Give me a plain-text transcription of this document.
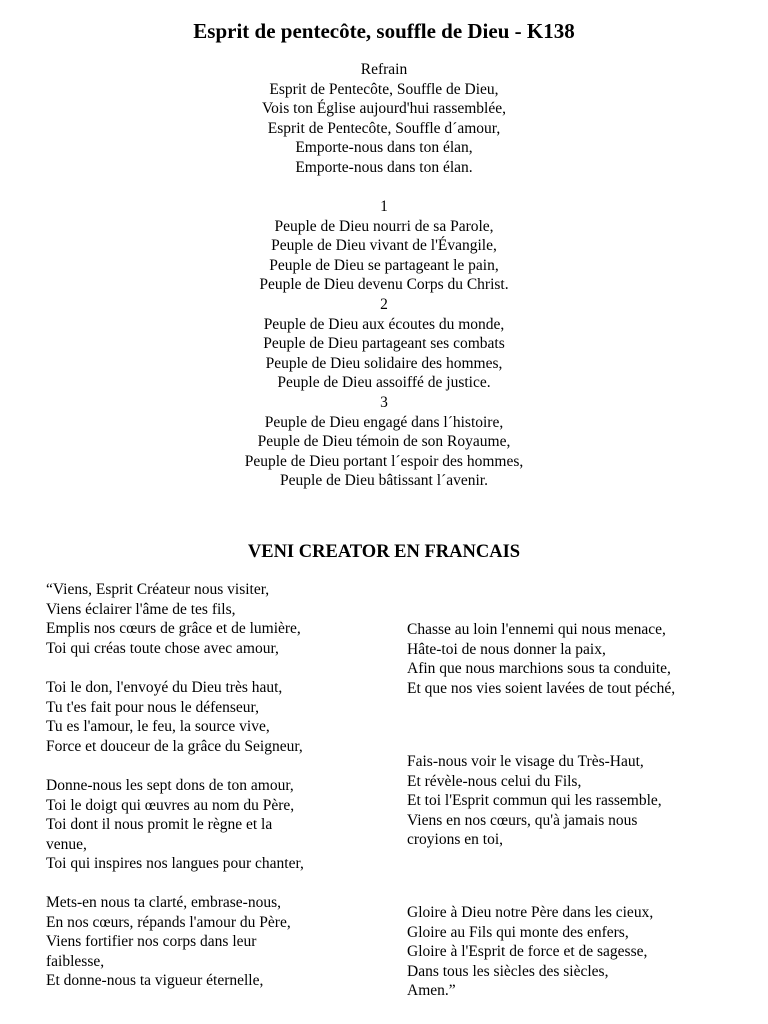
Esprit de pentecôte, souffle de Dieu - K138
Refrain
Esprit de Pentecôte, Souffle de Dieu,
Vois ton Église aujourd'hui rassemblée,
Esprit de Pentecôte, Souffle d´amour,
Emporte-nous dans ton élan,
Emporte-nous dans ton élan.
1
Peuple de Dieu nourri de sa Parole,
Peuple de Dieu vivant de l'Évangile,
Peuple de Dieu se partageant le pain,
Peuple de Dieu devenu Corps du Christ.
2
Peuple de Dieu aux écoutes du monde,
Peuple de Dieu partageant ses combats
Peuple de Dieu solidaire des hommes,
Peuple de Dieu assoiffé de justice.
3
Peuple de Dieu engagé dans l´histoire,
Peuple de Dieu témoin de son Royaume,
Peuple de Dieu portant l´espoir des hommes,
Peuple de Dieu bâtissant l´avenir.
VENI CREATOR EN FRANCAIS
“Viens, Esprit Créateur nous visiter,
Viens éclairer l'âme de tes fils,
Emplis nos cœurs de grâce et de lumière,
Toi qui créas toute chose avec amour,
Toi le don, l'envoyé du Dieu très haut,
Tu t'es fait pour nous le défenseur,
Tu es l'amour, le feu, la source vive,
Force et douceur de la grâce du Seigneur,
Donne-nous les sept dons de ton amour,
Toi le doigt qui œuvres au nom du Père,
Toi dont il nous promit le règne et la
venue,
Toi qui inspires nos langues pour chanter,
Mets-en nous ta clarté, embrase-nous,
En nos cœurs, répands l'amour du Père,
Viens fortifier nos corps dans leur
faiblesse,
Et donne-nous ta vigueur éternelle,
Chasse au loin l'ennemi qui nous menace,
Hâte-toi de nous donner la paix,
Afin que nous marchions sous ta conduite,
Et que nos vies soient lavées de tout péché,
Fais-nous voir le visage du Très-Haut,
Et révèle-nous celui du Fils,
Et toi l'Esprit commun qui les rassemble,
Viens en nos cœurs, qu'à jamais nous
croyions en toi,
Gloire à Dieu notre Père dans les cieux,
Gloire au Fils qui monte des enfers,
Gloire à l'Esprit de force et de sagesse,
Dans tous les siècles des siècles,
Amen.”
